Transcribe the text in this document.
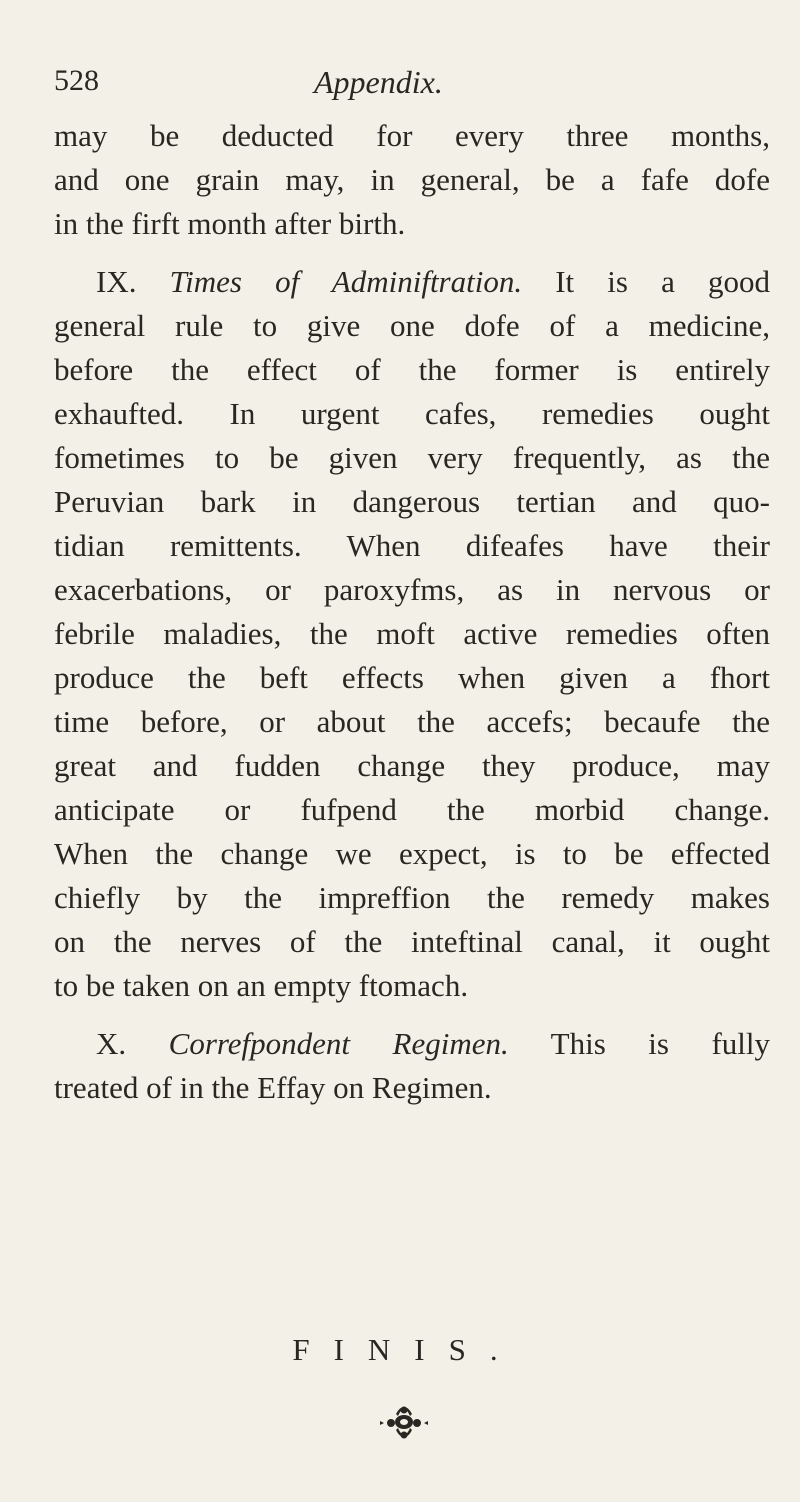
528	Appendix.
may be deducted for every three months,
and one grain may, in general, be a fafe dofe
in the firft month after birth.
IX. Times of Adminiftration. It is a good
general rule to give one dofe of a medicine,
before the effect of the former is entirely
exhaufted. In urgent cafes, remedies ought
fometimes to be given very frequently, as the
Peruvian bark in dangerous tertian and quo-
tidian remittents. When difeafes have their
exacerbations, or paroxyfms, as in nervous or
febrile maladies, the moft active remedies often
produce the beft effects when given a fhort
time before, or about the accefs; becaufe the
great and fudden change they produce, may
anticipate or fufpend the morbid change.
When the change we expect, is to be effected
chiefly by the impreffion the remedy makes
on the nerves of the inteftinal canal, it ought
to be taken on an empty ftomach.
X. Correfpondent Regimen. This is fully
treated of in the Effay on Regimen.
FINIS.
